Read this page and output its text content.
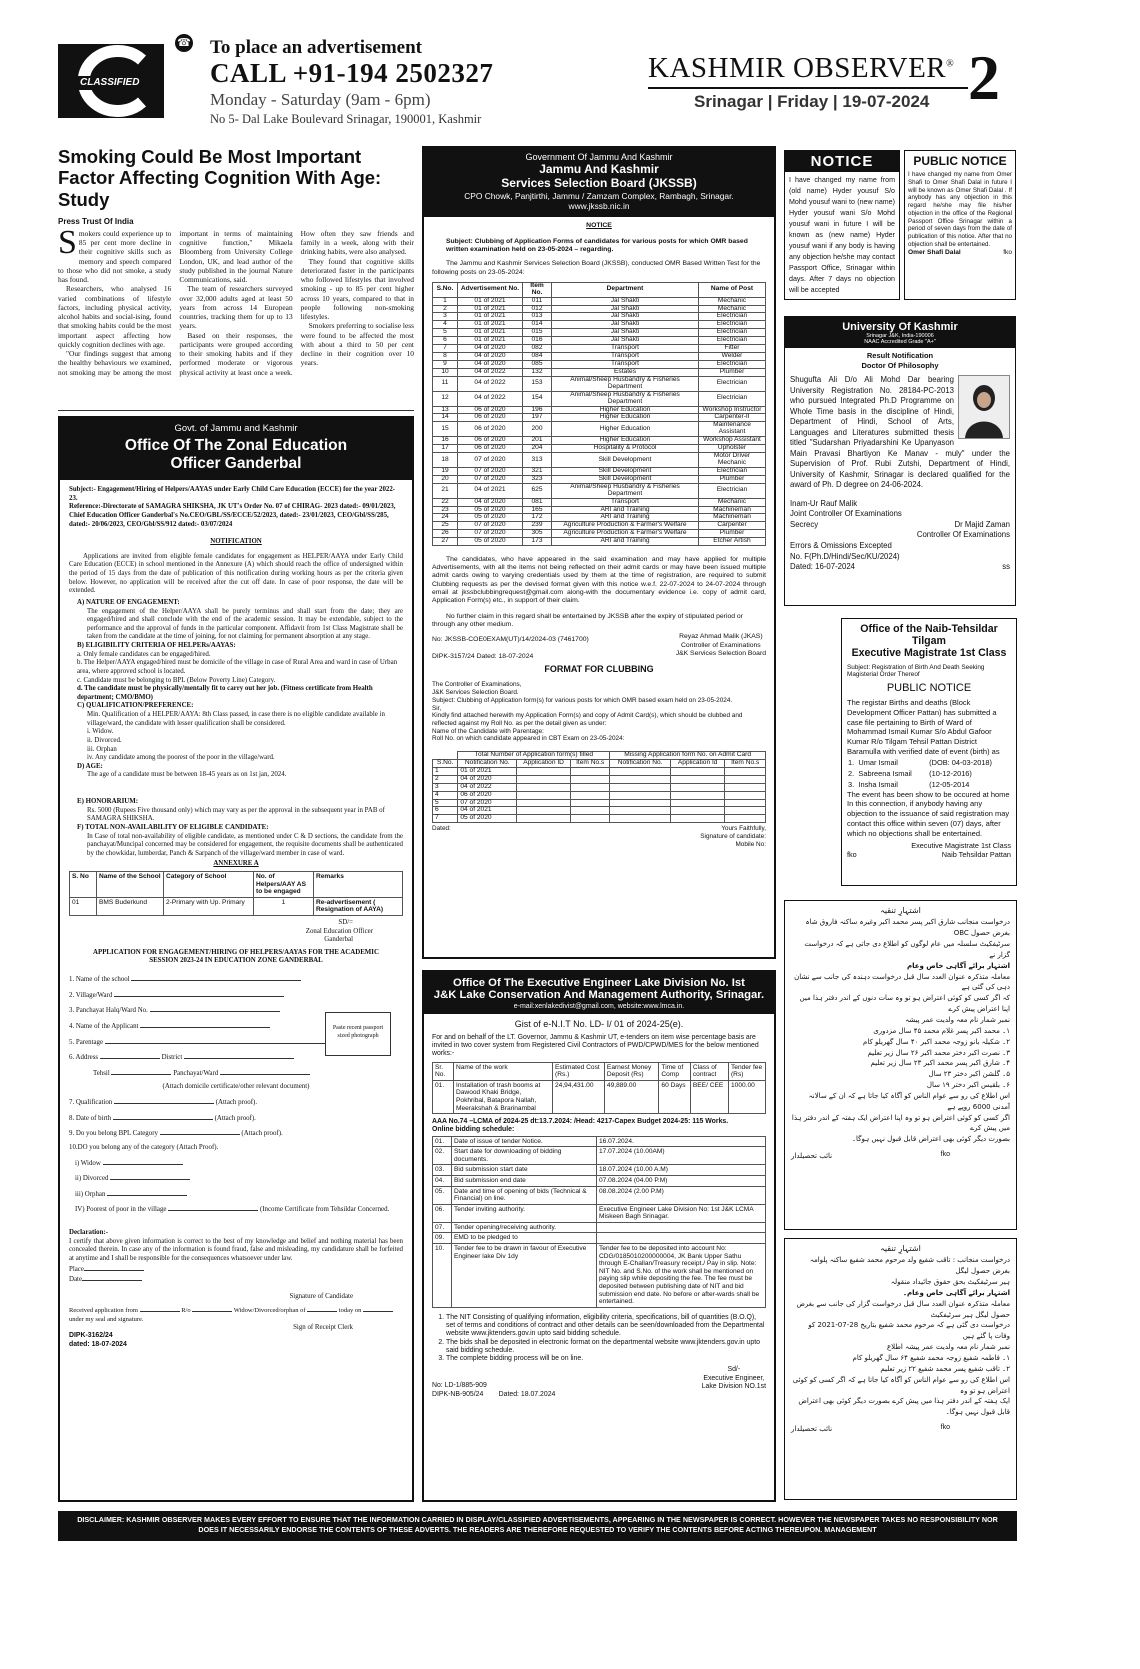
CLASSIFIED
☎ To place an advertisement
CALL +91-194 2502327
Monday - Saturday (9am - 6pm)
No 5- Dal Lake Boulevard Srinagar, 190001, Kashmir
KASHMIR OBSERVER®
Srinagar | Friday | 19-07-2024 2
Smoking Could Be Most Important Factor Affecting Cognition With Age: Study
Press Trust Of India

Smokers could experience up to 85 per cent more decline in their cognitive skills such as memory and speech compared to those who did not smoke, a study has found.

Researchers, who analysed 16 varied combinations of lifestyle factors, including physical activity, alcohol habits and social-ising, found that smoking habits could be the most important aspect affecting how quickly cognition declines with age.

"Our findings suggest that among the healthy behaviours we examined, not smoking may be among the most important in terms of maintaining cognitive function," Mikaela Bloomberg from University College London, UK, and lead author of the study published in the journal Nature Communications, said.

The team of researchers surveyed over 32,000 adults aged at least 50 years from across 14 European countries, tracking them for up to 13 years.

Based on their responses, the participants were grouped according to their smoking habits and if they performed moderate or vigorous physical activity at least once a week. How often they saw friends and family in a week, along with their drinking habits, were also analysed.

They found that cognitive skills deteriorated faster in the participants who followed lifestyles that involved smoking - up to 85 per cent higher across 10 years, compared to that in people following non-smoking lifestyles.

Smokers preferring to socialise less were found to be affected the most with about a third to 50 per cent decline in their cognition over 10 years.

Govt. of Jammu and Kashmir
Office Of The Zonal Education
Officer Ganderbal
Subject:- Engagement/Hiring of Helpers/AAYAS under Early Child Care Education (ECCE) for the year 2022-23.
Reference:-Directorate of SAMAGRA SHIKSHA, JK UT's Order No. 07 of CHIRAG- 2023 dated:- 09/01/2023, Chief Education Officer Ganderbal's No.CEO/GBL/SS/ECCE/52/2023, dated:- 23/01/2023, CEO/Gbl/SS/285, dated:- 20/06/2023, CEO/Gbl/SS/912 dated:- 03/07/2024
NOTIFICATION
Applications are invited from eligible female candidates for engagement as HELPER/AAYA under Early Child Care Education (ECCE) in school mentioned in the Annexure (A) which should reach the office of undersigned within the period of 15 days from the date of publication of this notification during working hours as per the criteria given below. However, no application will be received after the cut off date. In case of poor response, the date will be extended.
A) NATURE OF ENGAGEMENT:
The engagement of the Helper/AAYA shall be purely terminus and shall start from the date; they are engaged/hired and shall conclude with the end of the academic session. It may be extendable, subject to the performance and the approval of funds in the particular component. Affidavit from 1st Class Magistrate shall be taken from the candidate at the time of joining, for not claiming for permanent absorption at any stage.
B) ELIGIBILITY CRITERIA OF HELPERs/AAYAS:
a. Only female candidates can be engaged/hired.
b. The Helper/AAYA engaged/hired must be domicile of the village in case of Rural Area and ward in case of Urban area, where approved school is located.
c. Candidate must be belonging to BPL (Below Poverty Line) Category.
d. The candidate must be physically/mentally fit to carry out her job. (Fitness certificate from Health department; CMO/BMO)
C) QUALIFICATION/PREFERENCE:
Min. Qualification of a HELPER/AAYA: 8th Class passed, in case there is no eligible candidate available in village/ward, the candidate with lesser qualification shall be considered.
i. Widow.
ii. Divorced.
iii. Orphan
iv. Any candidate among the poorest of the poor in the village/ward.
D) AGE:
The age of a candidate must be between 18-45 years as on 1st jan, 2024.
E) HONORARIUM:
Rs. 5000 (Rupees Five thousand only) which may vary as per the approval in the subsequent year in PAB of SAMAGRA SHIKSHA.
F) TOTAL NON-AVAILABILITY OF ELIGIBLE CANDIDATE:
In Case of total non-availability of eligible candidate, as mentioned under C & D sections, the candidate from the panchayat/Muncipal concerned may be considered for engagement, the requisite documents shall be authenticated by the chowkidar, lumberdar, Panch & Sarpanch of the village/ward member in case of ward.
ANNEXURE A
S. No	Name of the School	Category of School	No. of Helpers/AAY AS to be engaged	Remarks
01	BMS Buderkund	2-Primary with Up. Primary	1	Re-advertisement ( Resignation of AAYA)
SD/=
Zonal Education Officer
Ganderbal
APPLICATION FOR ENGAGEMENT/HIRING OF HELPERS/AAYAS FOR THE ACADEMIC SESSION 2023-24 IN EDUCATION ZONE GANDERBAL
Paste recent passport sized photograph
1. Name of the school
2. Village/Ward
3. Panchayat Halq/Ward No.
4. Name of the Applicant
5. Parentage
6. Address	District
Tehsil	Panchayat/Ward
(Attach domicile certificate/other relevant document)
7. Qualification	(Attach proof).
8. Date of birth	(Attach proof).
9. Do you belong BPL Category	(Attach proof).
10.DO you belong any of the category (Attach Proof).
i) Widow
ii) Divorced
iii) Orphan
IV) Poorest of poor in the village	(Income Certificate from Tehsildar Concerned.
Declaration:-
I certify that above given information is correct to the best of my knowledge and belief and nothing material has been concealed therein. In case any of the information is found fraud, false and misleading, my candidature shall be forfeited at anytime and I shall be responsible for the consequences whatsoever under law.
Place
Date
Signature of Candidate
Received application from	R/o	Widow/Divorced/orphan of	today on  under my seal and signature.
Sign of Receipt Clerk
DIPK-3162/24
dated: 18-07-2024
Government Of Jammu And Kashmir
Jammu And Kashmir
Services Selection Board (JKSSB)
CPO Chowk, Panjtirthi, Jammu / Zamzam Complex, Rambagh, Srinagar.
www.jkssb.nic.in
NOTICE
Subject: Clubbing of Application Forms of candidates for various posts for which OMR based written examination held on 23-05-2024 – regarding.
The Jammu and Kashmir Services Selection Board (JKSSB), conducted OMR Based Written Test for the following posts on 23-05-2024:
S.No.	Advertisement No.	Item No.	Department	Name of Post
1	01 of 2021	011	Jal Shakti	Mechanic
2	01 of 2021	012	Jal Shakti	Mechanic
3	01 of 2021	013	Jal Shakti	Electrician
4	01 of 2021	014	Jal Shakti	Electrician
5	01 of 2021	015	Jal Shakti	Electrician
6	01 of 2021	016	Jal Shakti	Electrician
7	04 of 2020	082	Transport	Fitter
8	04 of 2020	084	Transport	Welder
9	04 of 2020	085	Transport	Electrician
10	04 of 2022	132	Estates	Plumber
11	04 of 2022	153	Animal/Sheep Husbandry & Fisheries Department	Electrician
12	04 of 2022	154	Animal/Sheep Husbandry & Fisheries Department	Electrician
13	06 of 2020	196	Higher Education	Workshop Instructor
14	06 of 2020	197	Higher Education	Carpenter-II
15	06 of 2020	200	Higher Education	Maintenance Assistant
16	06 of 2020	201	Higher Education	Workshop Assistant
17	06 of 2020	204	Hospitality & Protocol	Upholster
18	07 of 2020	313	Skill Development	Motor Driver Mechanic
19	07 of 2020	321	Skill Development	Electrician
20	07 of 2020	323	Skill Development	Plumber
21	04 of 2021	625	Animal/Sheep Husbandry & Fisheries Department	Electrician
22	04 of 2020	081	Transport	Mechanic
23	05 of 2020	165	ARI and Training	Machineman
24	05 of 2020	172	ARI and Training	Machineman
25	07 of 2020	239	Agriculture Production & Farmer's Welfare	Carpenter
26	07 of 2020	305	Agriculture Production & Farmer's Welfare	Plumber
27	05 of 2020	173	ARI and Training	Etcher Artish
The candidates, who have appeared in the said examination and may have applied for multiple Advertisements, with all the items not being reflected on their admit cards or may have been issued multiple admit cards owing to varying credentials used by them at the time of registration, are required to submit Clubbing requests as per the devised format given with this notice w.e.f. 22-07-2024 to 24-07-2024 through email at jkssbclubbingrequest@gmail.com along-with the documentary evidence i.e. copy of admit card, Application Form(s) etc., in support of their claim.
No further claim in this regard shall be entertained by JKSSB after the expiry of stipulated period or through any other medium.
No: JKSSB-COE0EXAM(UT)/14/2024-03 (7461700)
DIPK-3157/24 Dated: 18-07-2024
Reyaz Ahmad Malik (JKAS)
Controller of Examinations
J&K Services Selection Board
FORMAT FOR CLUBBING
The Controller of Examinations,
J&K Services Selection Board.
Subject: Clubbing of Application form(s) for various posts for which OMR based exam held on 23-05-2024.
Sir,
Kindly find attached herewith my Application Form(s) and copy of Admit Card(s), which should be clubbed and reflected against my Roll No. as per the detail given as under:
Name of the Candidate with Parentage:
Roll No. on which candidate appeared in CBT Exam on 23-05-2024:
	Total Number of Application form(s) filled			Missing Application form No. on Admit Card		
S.No.	Notification No.	Application ID	Item No.s	Notification No.	Application Id	Item No.s
1	01 of 2021					
2	04 of 2020					
3	04 of 2022					
4	06 of 2020					
5	07 of 2020					
6	04 of 2021					
7	05 of 2020					
Dated:	Yours Faithfully,
Signature of candidate:
Mobile No:
Office Of The Executive Engineer Lake Division No. Ist
J&K Lake Conservation And Management Authority, Srinagar.
e-mail:xenlakedivist@gmail.com, website:www.lmca.in.
Gist of e-N.I.T No. LD- I/ 01 of 2024-25(e).
For and on behalf of the LT. Governor, Jammu & Kashmir UT, e-tenders on item wise percentage basis are invited in two cover system from Registered Civil Contractors of PWD/CPWD/MES for the below mentioned works:-
Sr. No.	Name of the work	Estimated Cost (Rs.)	Earnest Money Deposit (Rs)	Time of Comp	Class of contract	Tender fee (Rs)
01.	Installation of trash booms at Dawood Khaki Bridge, Pokhribal, Batapora Nallah, Meerakshah & Brarinambal	24,94,431.00	49,889.00	60 Days	BEE/ CEE	1000.00
AAA No.74 –LCMA of 2024-25 dt:13.7.2024: /Head: 4217-Capex Budget 2024-25: 115 Works.
Online bidding schedule:
01.	Date of issue of tender Notice.	16.07.2024.
02.	Start date for downloading of bidding documents.	17.07.2024 (10.00AM)
03.	Bid submission start date	18.07.2024 (10.00 A.M)
04.	Bid submission end date	07.08.2024 (04.00 P.M)
05.	Date and time of opening of bids (Technical & Financial) on line.	08.08.2024 (2.00 P.M)
06.	Tender inviting authority.	Executive Engineer Lake Division No: 1st J&K LCMA Miskeen Bagh Srinagar.
07.	Tender opening/receiving authority.	
09.	EMD to be pledged to	
10.	Tender fee to be drawn in favour of Executive Engineer lake Div 1dy	Tender fee to be deposited into account No: CDG/0185010200000004, JK Bank Upper Sathu through E-Challan/Treasury receipt./ Pay in slip. Note: NIT No. and S.No. of the work shall be mentioned on paying slip while depositing the fee. The fee must be deposited between publishing date of NIT and bid submission end date. No before or after-wards shall be entertained.
1. The NIT Consisting of qualifying information, eligibility criteria, specifications, bill of quantities (B.O.Q), set of terms and conditions of contract and other details can be seen/downloaded from the Departmental website www.jktenders.gov.in upto said bidding schedule.
2. The bids shall be deposited in electronic format on the departmental website www.jktenders.gov.in upto said bidding schedule.
3. The complete bidding process will be on line.
No: LD-1/885-909
DIPK-NB-905/24 Dated: 18.07.2024
Sd/-
Executive Engineer,
Lake Division NO.1st
NOTICE
I have changed my name from (old name) Hyder yousuf S/o Mohd yousuf wani to (new name) Hyder yousuf wani S/o Mohd yousuf wani in future I will be known as (new name) Hyder yousuf wani if any body is having any objection he/she may contact Passport Office, Srinagar within days. After 7 days no objection will be accepted
PUBLIC NOTICE
I have changed my name from Omer Shafi to Omer Shafi Dalal in future I will be known as Omer Shafi Dalal . If anybody has any objection in this regard he/she may file his/her objection in the office of the Regional Passport Office Srinagar within a period of seven days from the date of publication of this notice. After that no objection shall be entertained.
Omer Shafi Dalal	fko
University Of Kashmir
Srinagar J&K, India-190006
NAAC Accredited Grade "A+"
Result Notification
Doctor Of Philosophy
Shugufta Ali D/o Ali Mohd Dar bearing University Registration No. 28184-PC-2013 who pursued Integrated Ph.D Programme on Whole Time basis in the discipline of Hindi, Department of Hindi, School of Arts, Languages and Literatures submitted thesis titled "Sudarshan Priyadarshini Ke Upanyason Main Pravasi Bhartiyon Ke Manav - muly" under the Supervision of Prof. Rubi Zutshi, Department of Hindi, University of Kashmir, Srinagar is declared qualified for the award of Ph. D degree on 24-06-2024.
Inam-Ur Rauf Malik
Joint Controller Of Examinations
Secrecy	Dr Majid Zaman
Controller Of Examinations
Errors & Omissions Excepted
No. F(Ph.D/Hindi/Sec/KU/2024)
Dated: 16-07-2024	ss
Office of the Naib-Tehsildar Tilgam
Executive Magistrate 1st Class
Subject: Registration of Birth And Death Seeking Magisterial Order Thereof
PUBLIC NOTICE
The registar Births and deaths (Block Development Officer Pattan) has submitted a case file pertaining to Birth of Ward of Mohammad Ismail Kumar S/o Abdul Gafoor Kumar R/o Tilgam Tehsil Pattan District Baramulla with verified date of event (birth) as
1.	Umar Ismail	(DOB: 04-03-2018)
2.	Sabreena Ismail	(10-12-2016)
3.	Insha Ismail	(12-05-2014
The event has been show to be occured at home In this connection, if anybody having any objection to the issuance of said registration may contact this office within seven (07) days, after which no objections shall be entertained.
Executive Magistrate 1st Class
fko	Naib Tehsildar Pattan
اشتہارِ تنقیہ
درخواست منجانب شارق اکبر پسر محمد اکبر وغیرہ ساکنہ فاروق شاہ بغرض حصول OBC
سرٹیفکیٹ سلسلہ میں عام لوگوں کو اطلاع دی جاتی ہے کہ درخواست گزار نے
اشتہار برائے آگاہی خاص وعام
معاملہ متذکرہ عنوان العدد سال قبل درخواست دہندہ کی جانب سے نشان دہی کی گئی ہے
کہ اگر کسی کو کوئی اعتراض ہو تو وہ سات دنوں کے اندر دفتر ہذا میں اپنا اعتراض پیش کرے
نمبر شمار نام معہ ولدیت عمر پیشہ
۱۔ محمد اکبر پسر غلام محمد ۴۵ سال مزدوری
۲۔ شکیلہ بانو زوجہ محمد اکبر ۴۰ سال گھریلو کام
۳۔ نصرت اکبر دختر محمد اکبر ۲۶ سال زیر تعلیم
۴۔ شارق اکبر پسر محمد اکبر ۲۳ سال زیر تعلیم
۵۔ گلشن اکبر دختر ۲۳ سال
۶۔ بلقیس اکبر دختر ۱۹ سال
اس اطلاع کی رو سے عوام الناس کو آگاہ کیا جاتا ہے کہ ان کے سالانہ آمدنی 6000 روپے ہے
اگر کسی کو کوئی اعتراض ہو تو وہ اپنا اعتراض ایک ہفتہ کے اندر دفتر ہذا میں پیش کرے
بصورت دیگر کوئی بھی اعتراض قابل قبول نہیں ہوگا۔
نائب تحصیلدار	fko
اشتہارِ تنقیہ
درخواست منجانب : تاقب شفیع ولد مرحوم محمد شفیع ساکنہ پلوامہ بغرض حصول لیگل
ہیر سرٹیفکیٹ بحق حقوق جائیداد منقولہ
اشتہار برائے آگاہی خاص وعام۔
معاملہ متذکرہ عنوان العدد سال قبل درخواست گزار کی جانب سے بغرض حصول لیگل ہیر سرٹیفکیٹ
درخواست دی گئی ہے کہ مرحوم محمد شفیع بتاریخ 28-07-2021 کو وفات پا گئے ہیں
نمبر شمار نام معہ ولدیت عمر پیشہ اطلاع
۱۔ فاطمہ شفیع زوجہ محمد شفیع ۶۴ سال گھریلو کام
۲۔ تاقب شفیع پسر محمد شفیع ۲۲ زیر تعلیم
اس اطلاع کی رو سے عوام الناس کو آگاہ کیا جاتا ہے کہ اگر کسی کو کوئی اعتراض ہو تو وہ
ایک ہفتہ کے اندر دفتر ہذا میں پیش کرے بصورت دیگر کوئی بھی اعتراض قابل قبول نہیں ہوگا۔
نائب تحصیلدار	fko
DISCLAIMER: KASHMIR OBSERVER MAKES EVERY EFFORT TO ENSURE THAT THE INFORMATION CARRIED IN DISPLAY/CLASSIFIED ADVERTISEMENTS, APPEARING IN THE NEWSPAPER IS CORRECT. HOWEVER THE NEWSPAPER TAKES NO RESPONSIBILITY NOR DOES IT NECESSARILY ENDORSE THE CONTENTS OF THESE ADVERTS. THE READERS ARE THEREFORE REQUESTED TO VERIFY THE CONTENTS BEFORE ACTING THEREUPON. MANAGEMENT
